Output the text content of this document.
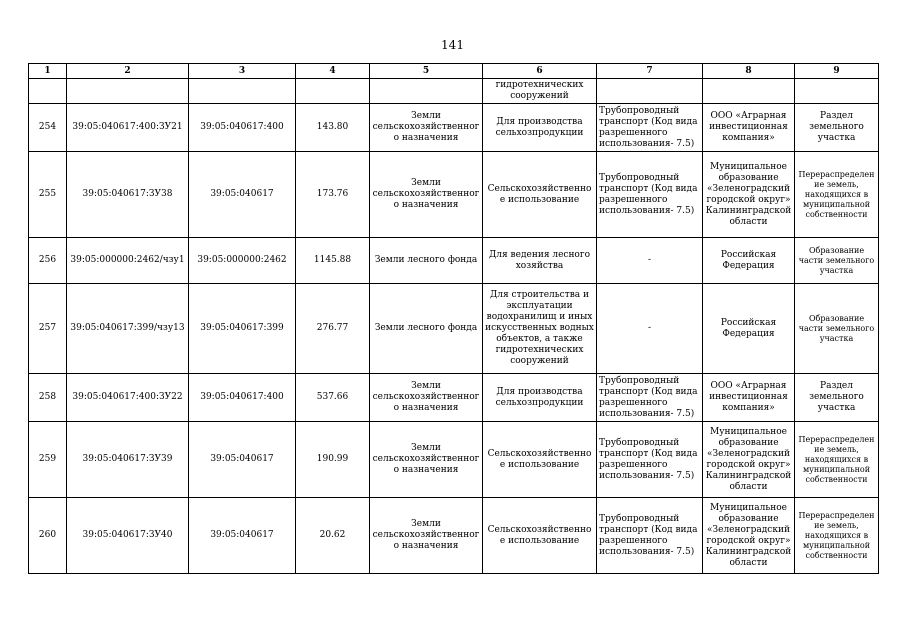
141
1	2	3	4	5	6	7	8	9
					гидротехнических сооружений			
254	39:05:040617:400:ЗУ21	39:05:040617:400	143.80	Земли сельскохозяйственного назначения	Для производства сельхозпродукции	Трубопроводный транспорт (Код вида разрешенного использования- 7.5)	ООО «Аграрная инвестиционная компания»	Раздел земельного участка
255	39:05:040617:ЗУ38	39:05:040617	173.76	Земли сельскохозяйственного назначения	Сельскохозяйственное использование	Трубопроводный транспорт (Код вида разрешенного использования- 7.5)	Муниципальное образование «Зеленоградский городской округ» Калининградской области	Перераспределение земель, находящихся в муниципальной собственности
256	39:05:000000:2462/чзу1	39:05:000000:2462	1145.88	Земли лесного фонда	Для ведения лесного хозяйства	-	Российская Федерация	Образование части земельного участка
257	39:05:040617:399/чзу13	39:05:040617:399	276.77	Земли лесного фонда	Для строительства и эксплуатации водохранилищ и иных искусственных водных объектов, а также гидротехнических сооружений	-	Российская Федерация	Образование части земельного участка
258	39:05:040617:400:ЗУ22	39:05:040617:400	537.66	Земли сельскохозяйственного назначения	Для производства сельхозпродукции	Трубопроводный транспорт (Код вида разрешенного использования- 7.5)	ООО «Аграрная инвестиционная компания»	Раздел земельного участка
259	39:05:040617:ЗУ39	39:05:040617	190.99	Земли сельскохозяйственного назначения	Сельскохозяйственное использование	Трубопроводный транспорт (Код вида разрешенного использования- 7.5)	Муниципальное образование «Зеленоградский городской округ» Калининградской области	Перераспределение земель, находящихся в муниципальной собственности
260	39:05:040617:ЗУ40	39:05:040617	20.62	Земли сельскохозяйственного назначения	Сельскохозяйственное использование	Трубопроводный транспорт (Код вида разрешенного использования- 7.5)	Муниципальное образование «Зеленоградский городской округ» Калининградской области	Перераспределение земель, находящихся в муниципальной собственности
